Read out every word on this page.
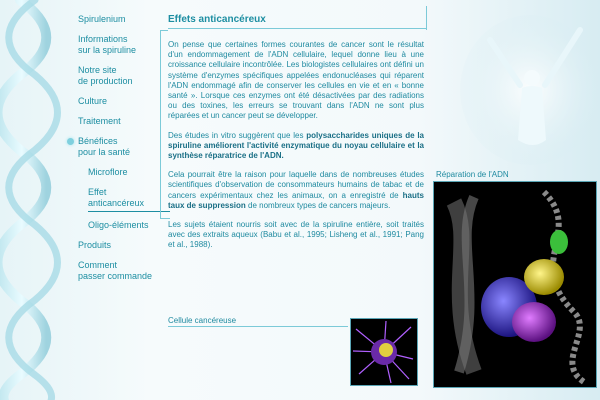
Spirulenium
Informations
sur la spiruline
Notre site
de production
Culture
Traitement
Bénéfices
pour la santé
Microflore
Effet
anticancéreux
Oligo-éléments
Produits
Comment
passer commande
Effets anticancéreux

On pense que certaines formes courantes de cancer sont le résultat d'un endommagement de l'ADN cellulaire, lequel donne lieu à une croissance cellulaire incontrôlée. Les biologistes cellulaires ont défini un système d'enzymes spécifiques appelées endonucléases qui réparent l'ADN endommagé afin de conserver les cellules en vie et en « bonne santé ». Lorsque ces enzymes ont été désactivées par des radiations ou des toxines, les erreurs se trouvant dans l'ADN ne sont plus réparées et un cancer peut se développer.

Des études in vitro suggèrent que les polysaccharides uniques de la spiruline améliorent l'activité enzymatique du noyau cellulaire et la synthèse réparatrice de l'ADN.

Cela pourrait être la raison pour laquelle dans de nombreuses études scientifiques d'observation de consommateurs humains de tabac et de cancers expérimentaux chez les animaux, on a enregistré de hauts taux de suppression de nombreux types de cancers majeurs.

Les sujets étaient nourris soit avec de la spiruline entière, soit traités avec des extraits aqueux (Babu et al., 1995; Lisheng et al., 1991; Pang et al., 1988).

Réparation de l'ADN
Cellule cancéreuse
